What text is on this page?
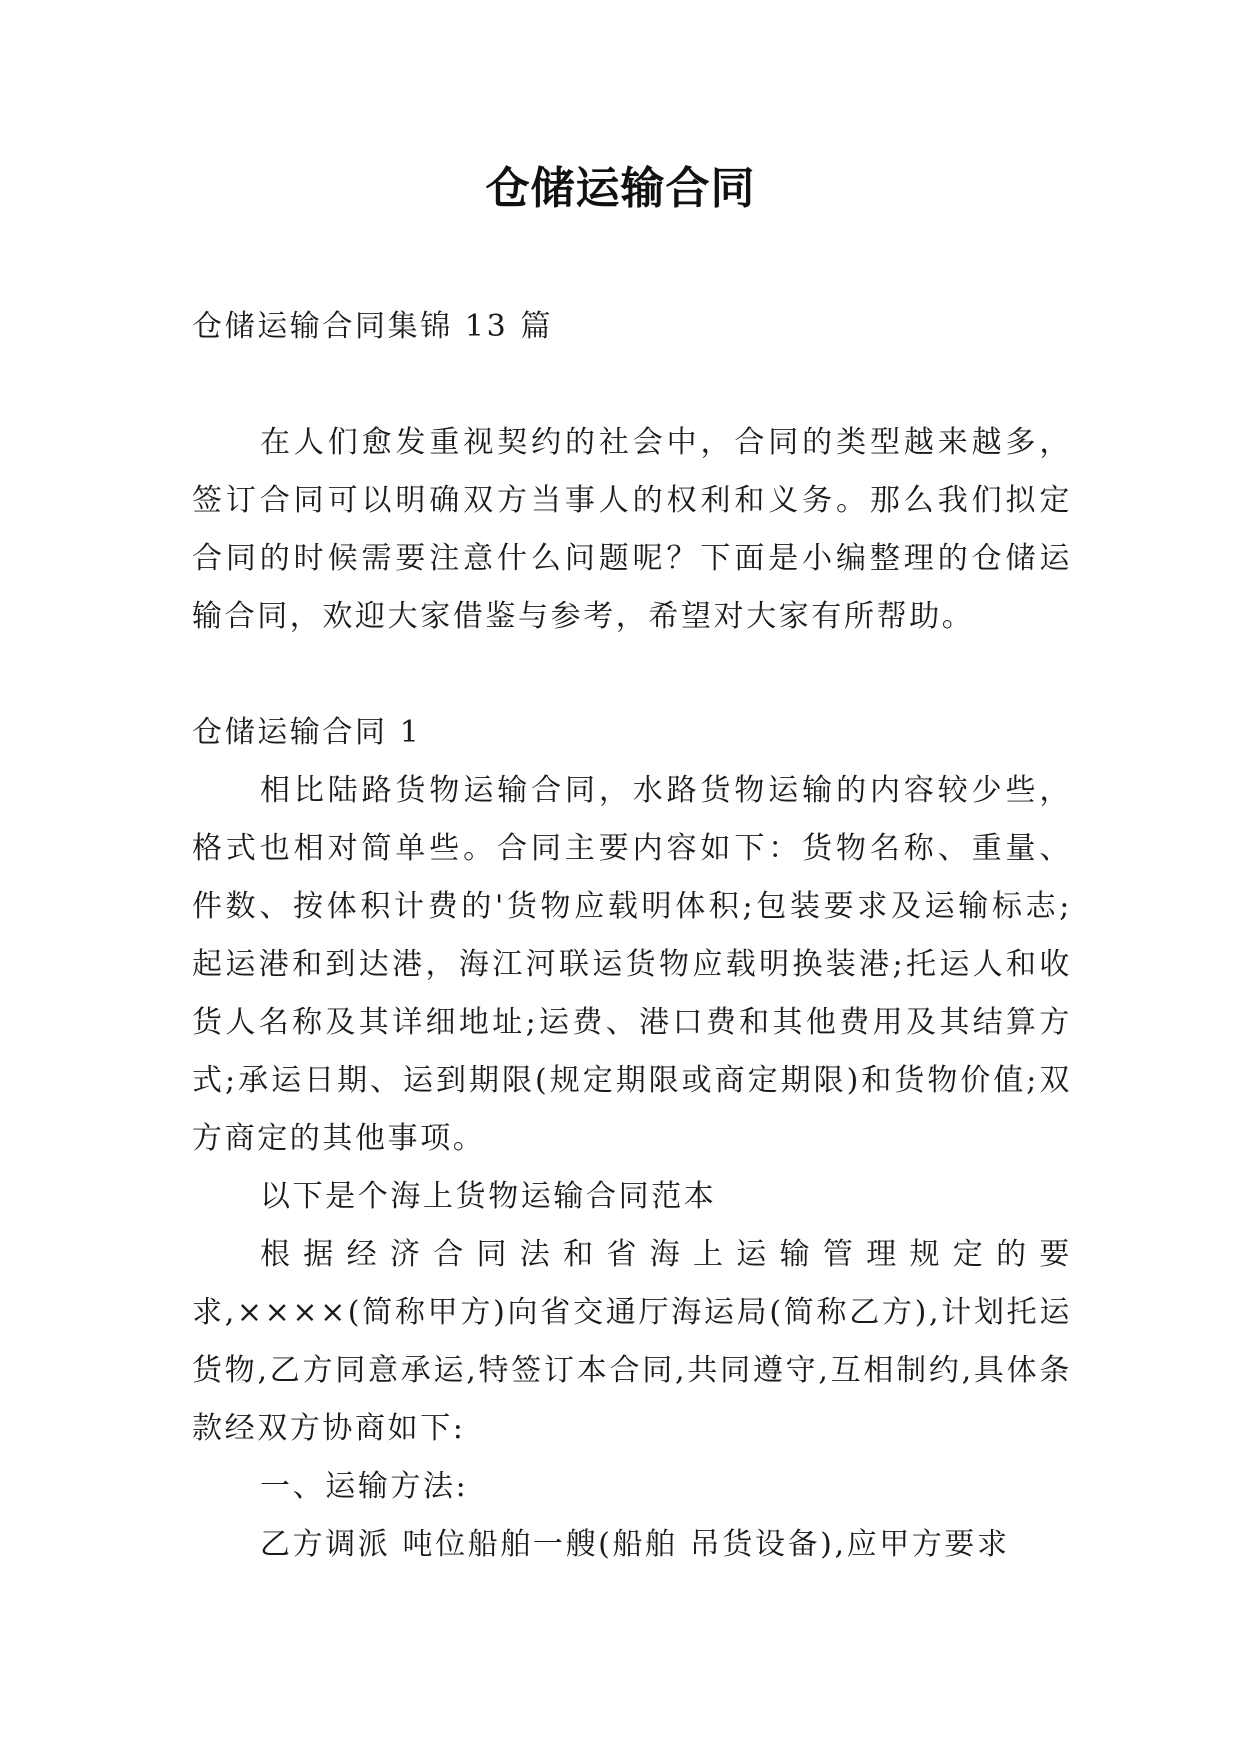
仓储运输合同

仓储运输合同集锦 13 篇

在人们愈发重视契约的社会中，合同的类型越来越多，签订合同可以明确双方当事人的权利和义务。那么我们拟定合同的时候需要注意什么问题呢？下面是小编整理的仓储运输合同，欢迎大家借鉴与参考，希望对大家有所帮助。

仓储运输合同 1

相比陆路货物运输合同，水路货物运输的内容较少些，格式也相对简单些。合同主要内容如下：货物名称、重量、件数、按体积计费的'货物应载明体积;包装要求及运输标志;起运港和到达港，海江河联运货物应载明换装港;托运人和收货人名称及其详细地址;运费、港口费和其他费用及其结算方式;承运日期、运到期限(规定期限或商定期限)和货物价值;双方商定的其他事项。

以下是个海上货物运输合同范本

根据经济合同法和省海上运输管理规定的要求,××××(简称甲方)向省交通厅海运局(简称乙方),计划托运 货物,乙方同意承运,特签订本合同,共同遵守,互相制约,具体条款经双方协商如下:

一、运输方法:

乙方调派 吨位船舶一艘(船舶 吊货设备),应甲方要求
